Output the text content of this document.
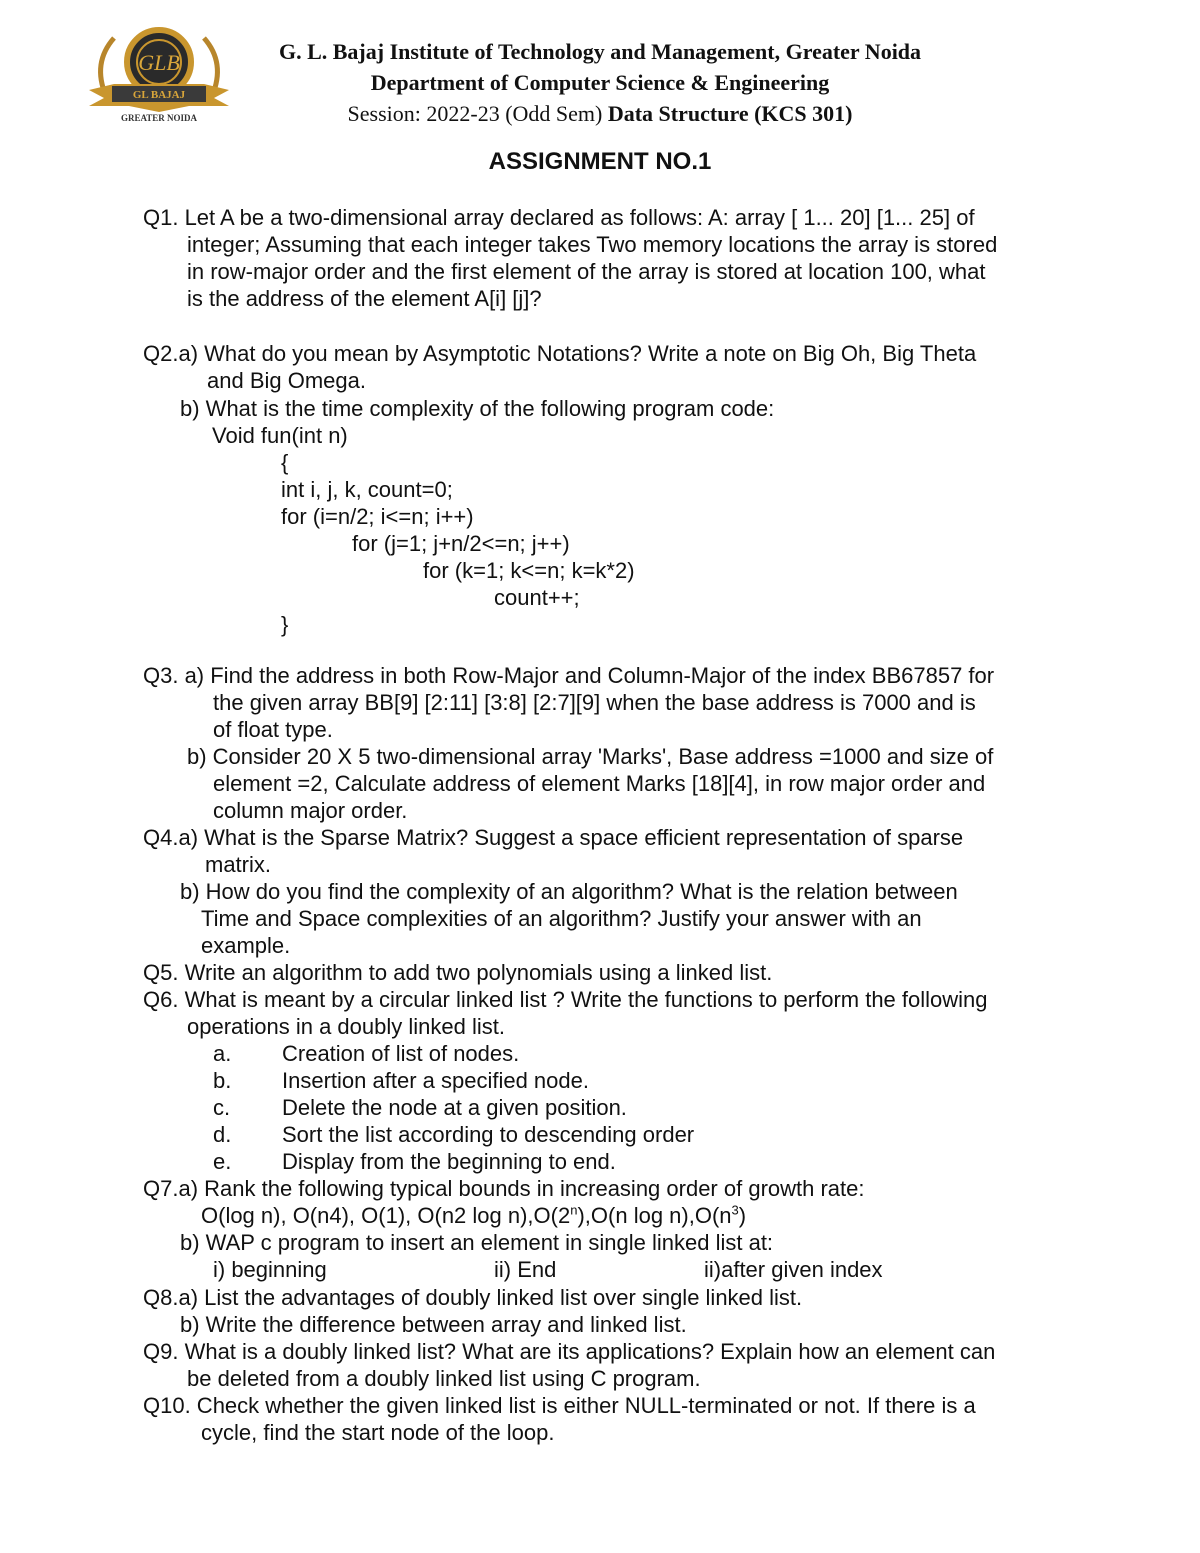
GLB
GL BAJAJ
GREATER NOIDA
G. L. Bajaj Institute of Technology and Management, Greater Noida
Department of Computer Science & Engineering
Session: 2022-23 (Odd Sem) Data Structure (KCS 301)
ASSIGNMENT NO.1
Q1. Let A be a two-dimensional array declared as follows: A: array [ 1... 20] [1... 25] of
integer; Assuming that each integer takes Two memory locations the array is stored
in row-major order and the first element of the array is stored at location 100, what
is the address of the element A[i] [j]?
Q2.a) What do you mean by Asymptotic Notations? Write a note on Big Oh, Big Theta
and Big Omega.
b) What is the time complexity of the following program code:
Void fun(int n)
{
int i, j, k, count=0;
for (i=n/2; i<=n; i++)
for (j=1; j+n/2<=n; j++)
for (k=1; k<=n; k=k*2)
count++;
}
Q3. a) Find the address in both Row-Major and Column-Major of the index BB67857 for
the given array BB[9] [2:11] [3:8] [2:7][9] when the base address is 7000 and is
of float type.
b) Consider 20 X 5 two-dimensional array 'Marks', Base address =1000 and size of
element =2, Calculate address of element Marks [18][4], in row major order and
column major order.
Q4.a) What is the Sparse Matrix? Suggest a space efficient representation of sparse
matrix.
b) How do you find the complexity of an algorithm? What is the relation between
Time and Space complexities of an algorithm? Justify your answer with an
example.
Q5. Write an algorithm to add two polynomials using a linked list.
Q6. What is meant by a circular linked list ? Write the functions to perform the following
operations in a doubly linked list.
a. Creation of list of nodes.
b. Insertion after a specified node.
c. Delete the node at a given position.
d. Sort the list according to descending order
e. Display from the beginning to end.
Q7.a) Rank the following typical bounds in increasing order of growth rate:
O(log n), O(n4), O(1), O(n2 log n),O(2$^n$),O(n $\log n),O(n^3)$
b) WAP c program to insert an element in single linked list at:
i) beginning	ii) End	ii)after given index
Q8.a) List the advantages of doubly linked list over single linked list.
b) Write the difference between array and linked list.
Q9. What is a doubly linked list? What are its applications? Explain how an element can
be deleted from a doubly linked list using C program.
Q10. Check whether the given linked list is either NULL-terminated or not. If there is a
cycle, find the start node of the loop.
